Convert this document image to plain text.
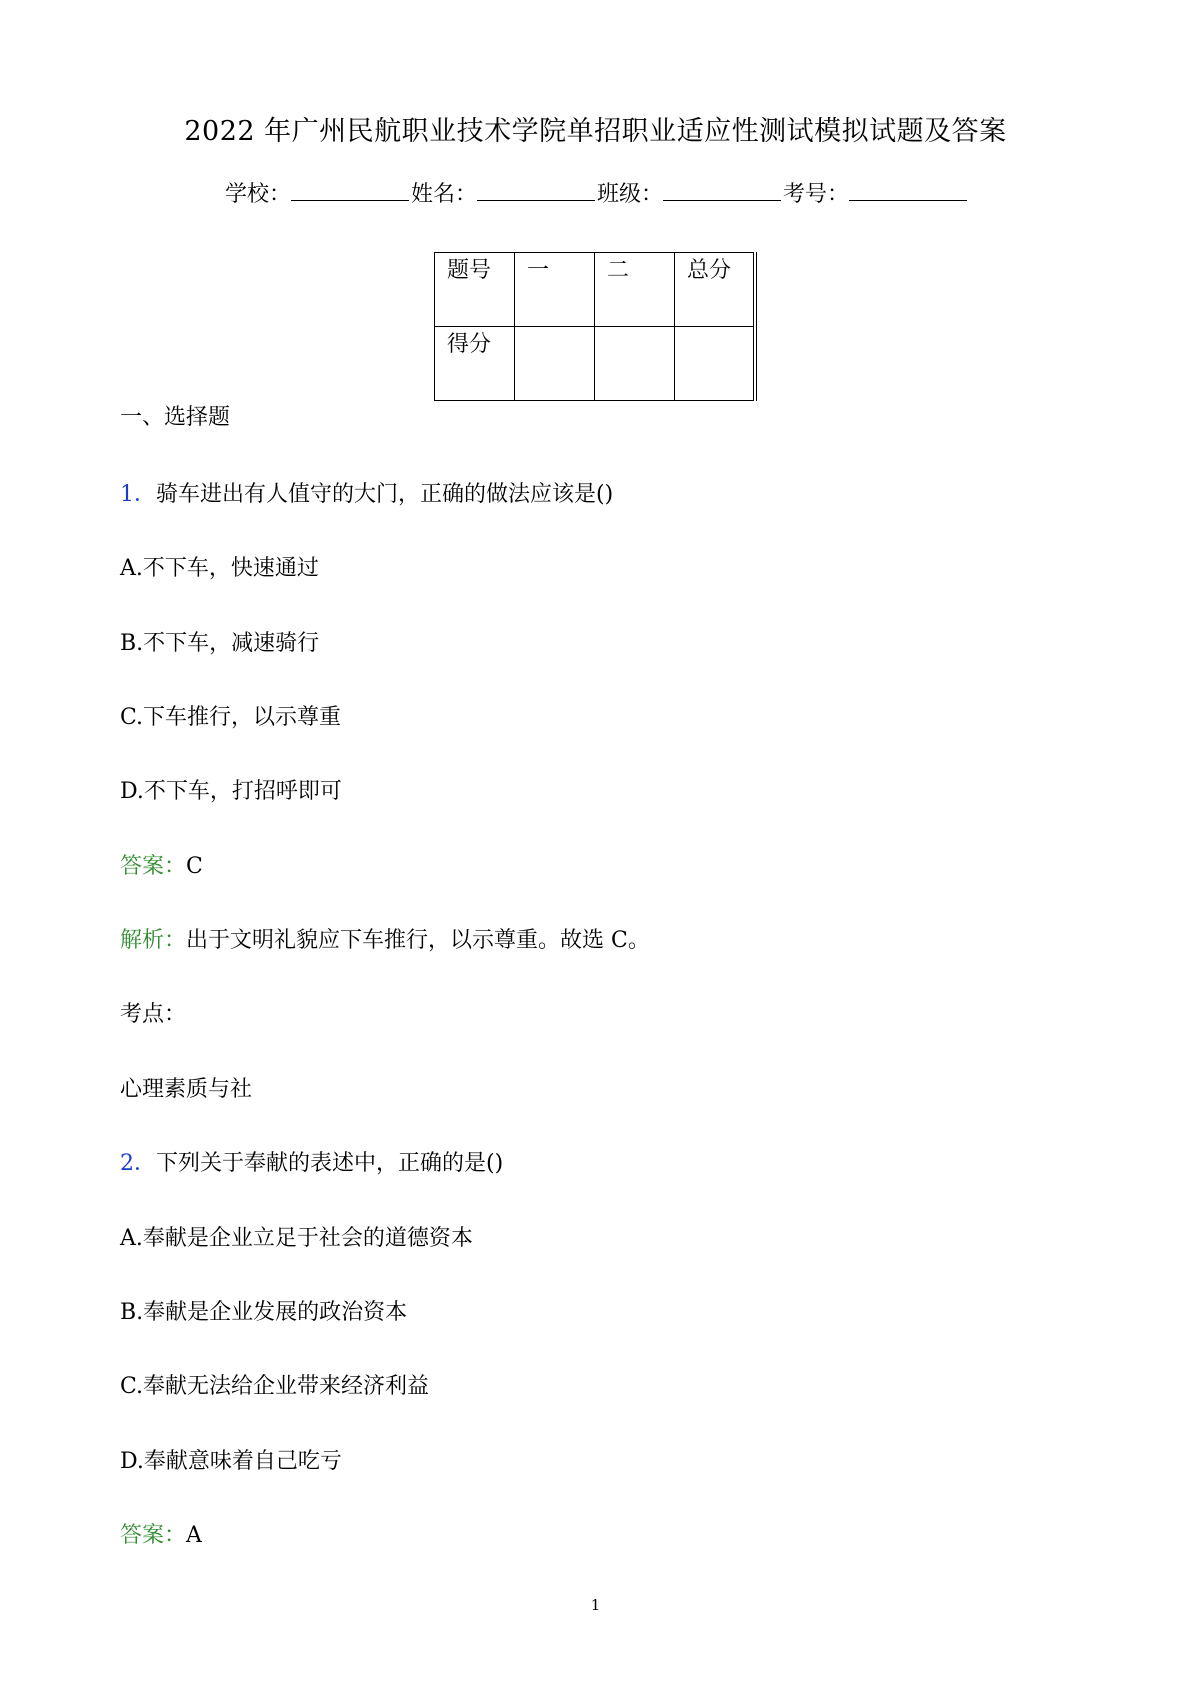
2022 年广州民航职业技术学院单招职业适应性测试模拟试题及答案
学校：	姓名：	班级：	考号：
题号	一	二	总分

得分			

一、选择题
1．骑车进出有人值守的大门，正确的做法应该是()
A.不下车，快速通过
B.不下车，减速骑行
C.下车推行，以示尊重
D.不下车，打招呼即可
答案：C
解析：出于文明礼貌应下车推行，以示尊重。故选 C。
考点：
心理素质与社
2．下列关于奉献的表述中，正确的是()
A.奉献是企业立足于社会的道德资本
B.奉献是企业发展的政治资本
C.奉献无法给企业带来经济利益
D.奉献意味着自己吃亏
答案：A
1
